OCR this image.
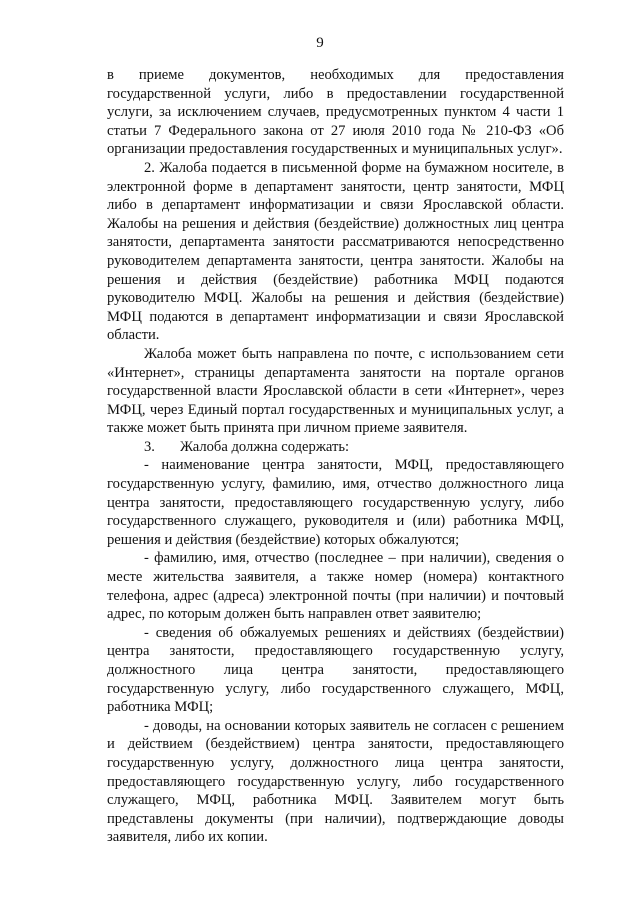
9

в приеме документов, необходимых для предоставления государственной услуги, либо в предоставлении государственной услуги, за исключением случаев, предусмотренных пунктом 4 части 1 статьи 7 Федерального закона от 27 июля 2010 года № 210-ФЗ «Об организации предоставления государственных и муниципальных услуг».

2. Жалоба подается в письменной форме на бумажном носителе, в электронной форме в департамент занятости, центр занятости, МФЦ либо в департамент информатизации и связи Ярославской области. Жалобы на решения и действия (бездействие) должностных лиц центра занятости, департамента занятости рассматриваются непосредственно руководителем департамента занятости, центра занятости. Жалобы на решения и действия (бездействие) работника МФЦ подаются руководителю МФЦ. Жалобы на решения и действия (бездействие) МФЦ подаются в департамент информатизации и связи Ярославской области.

Жалоба может быть направлена по почте, с использованием сети «Интернет», страницы департамента занятости на портале органов государственной власти Ярославской области в сети «Интернет», через МФЦ, через Единый портал государственных и муниципальных услуг, а также может быть принята при личном приеме заявителя.

3. Жалоба должна содержать:

- наименование центра занятости, МФЦ, предоставляющего государственную услугу, фамилию, имя, отчество должностного лица центра занятости, предоставляющего государственную услугу, либо государственного служащего, руководителя и (или) работника МФЦ, решения и действия (бездействие) которых обжалуются;

- фамилию, имя, отчество (последнее – при наличии), сведения о месте жительства заявителя, а также номер (номера) контактного телефона, адрес (адреса) электронной почты (при наличии) и почтовый адрес, по которым должен быть направлен ответ заявителю;

- сведения об обжалуемых решениях и действиях (бездействии) центра занятости, предоставляющего государственную услугу, должностного лица центра занятости, предоставляющего государственную услугу, либо государственного служащего, МФЦ, работника МФЦ;

- доводы, на основании которых заявитель не согласен с решением и действием (бездействием) центра занятости, предоставляющего государственную услугу, должностного лица центра занятости, предоставляющего государственную услугу, либо государственного служащего, МФЦ, работника МФЦ. Заявителем могут быть представлены документы (при наличии), подтверждающие доводы заявителя, либо их копии.
